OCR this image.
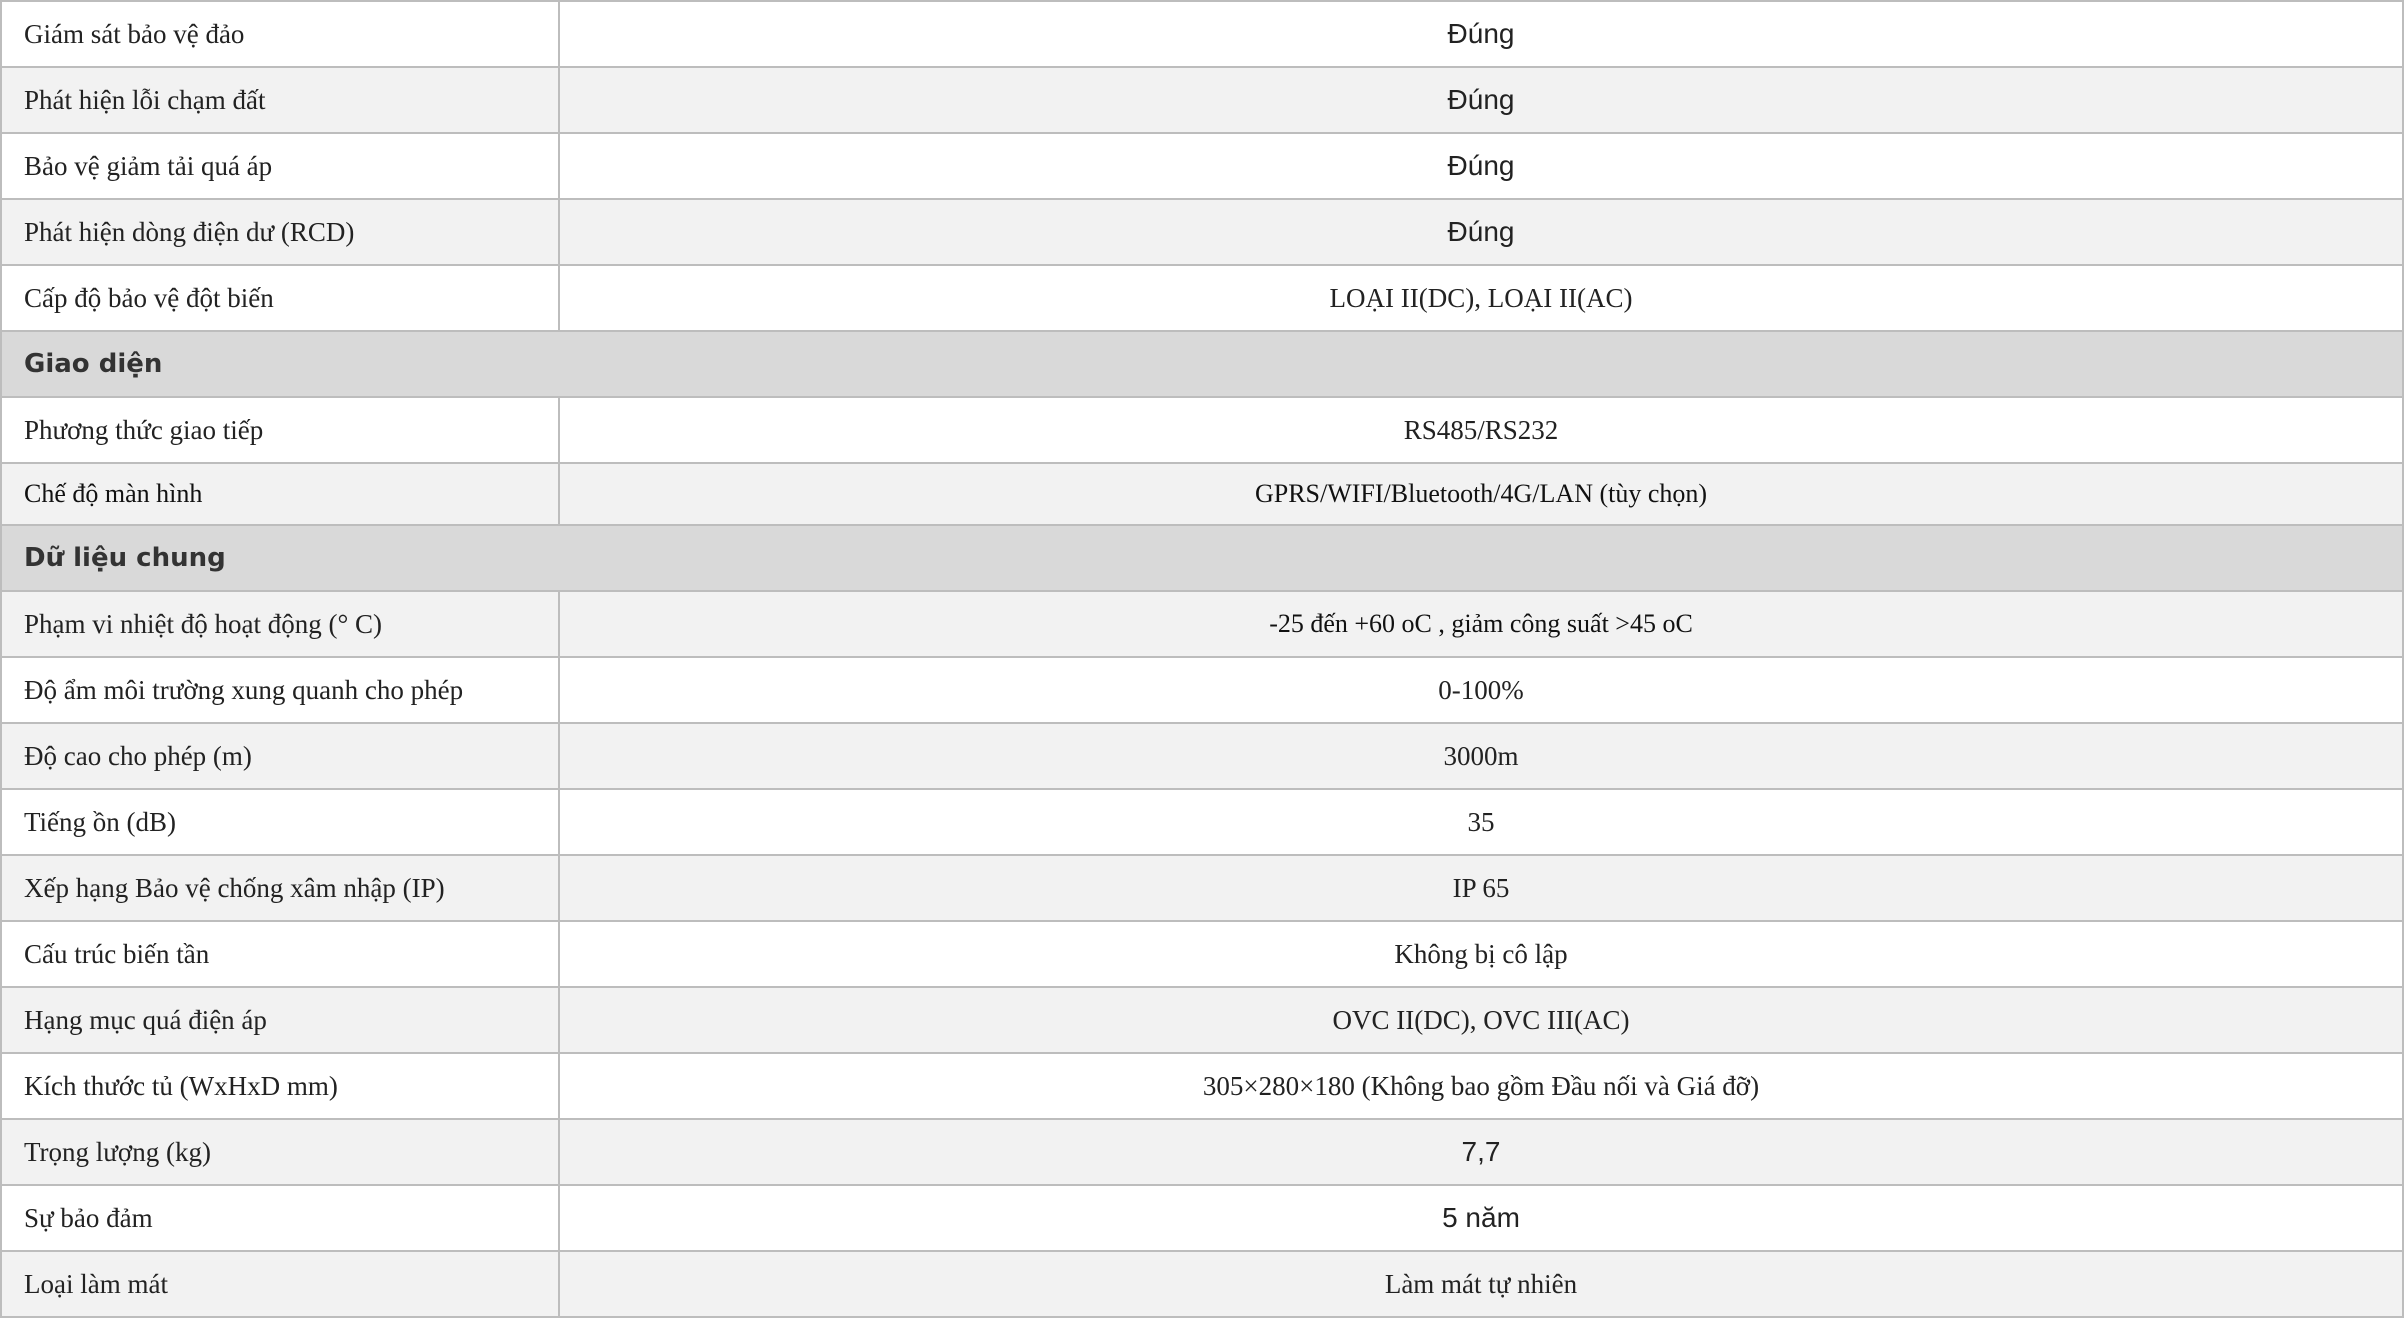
Giám sát bảo vệ đảo	Đúng
Phát hiện lỗi chạm đất	Đúng
Bảo vệ giảm tải quá áp	Đúng
Phát hiện dòng điện dư (RCD)	Đúng
Cấp độ bảo vệ đột biến	LOẠI II(DC), LOẠI II(AC)
Giao diện	
Phương thức giao tiếp	RS485/RS232
Chế độ màn hình	GPRS/WIFI/Bluetooth/4G/LAN (tùy chọn)
Dữ liệu chung	
Phạm vi nhiệt độ hoạt động (° C)	-25 đến +60 oC , giảm công suất >45 oC
Độ ẩm môi trường xung quanh cho phép	0-100%
Độ cao cho phép (m)	3000m
Tiếng ồn (dB)	35
Xếp hạng Bảo vệ chống xâm nhập (IP)	IP 65
Cấu trúc biến tần	Không bị cô lập
Hạng mục quá điện áp	OVC II(DC), OVC III(AC)
Kích thước tủ (WxHxD mm)	305×280×180 (Không bao gồm Đầu nối và Giá đỡ)
Trọng lượng (kg)	7,7
Sự bảo đảm	5 năm
Loại làm mát	Làm mát tự nhiên
